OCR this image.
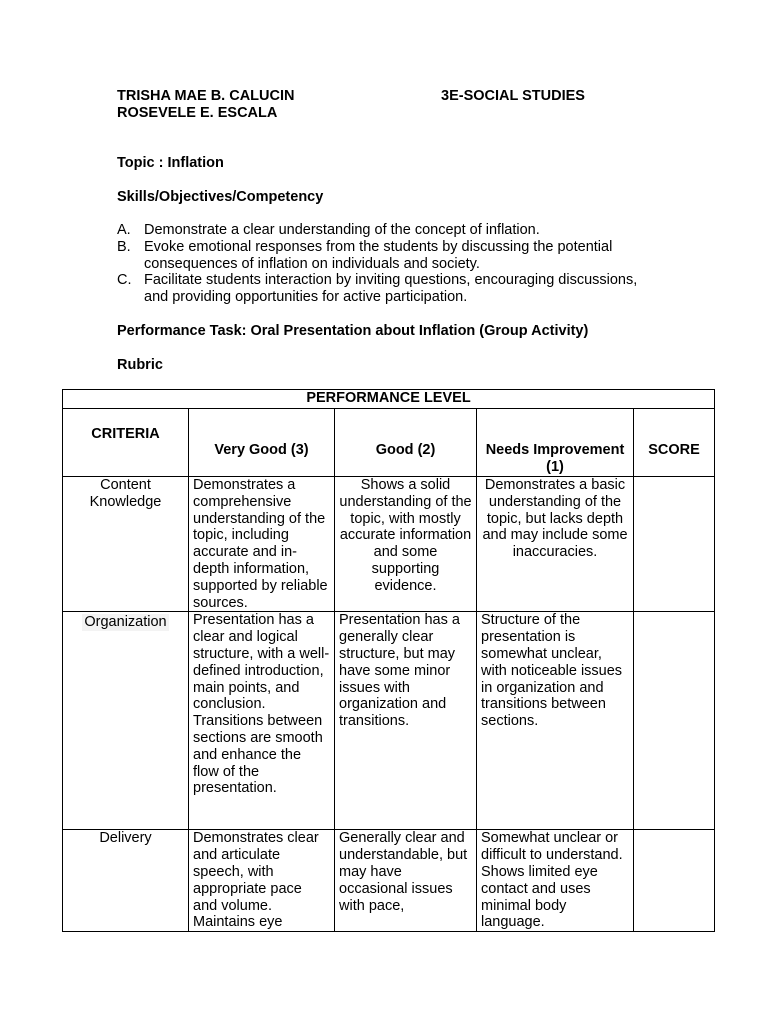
TRISHA MAE B. CALUCIN
ROSEVELE E. ESCALA
3E-SOCIAL STUDIES
Topic : Inflation
Skills/Objectives/Competency
A. Demonstrate a clear understanding of the concept of inflation.
B. Evoke emotional responses from the students by discussing the potential consequences of inflation on individuals and society.
C. Facilitate students interaction by inviting questions, encouraging discussions, and providing opportunities for active participation.
Performance Task: Oral Presentation about Inflation (Group Activity)
Rubric
PERFORMANCE LEVEL				
CRITERIA	Very Good (3)	Good (2)	Needs Improvement (1)	SCORE
Content Knowledge	Demonstrates a comprehensive understanding of the topic, including accurate and in-depth information, supported by reliable sources.	Shows a solid understanding of the topic, with mostly accurate information and some supporting evidence.	Demonstrates a basic understanding of the topic, but lacks depth and may include some inaccuracies.	
Organization	Presentation has a clear and logical structure, with a well-defined introduction, main points, and conclusion. Transitions between sections are smooth and enhance the flow of the presentation.	Presentation has a generally clear structure, but may have some minor issues with organization and transitions.	Structure of the presentation is somewhat unclear, with noticeable issues in organization and transitions between sections.	
Delivery	Demonstrates clear and articulate speech, with appropriate pace and volume. Maintains eye	Generally clear and understandable, but may have occasional issues with pace,	Somewhat unclear or difficult to understand. Shows limited eye contact and uses minimal body language.	
